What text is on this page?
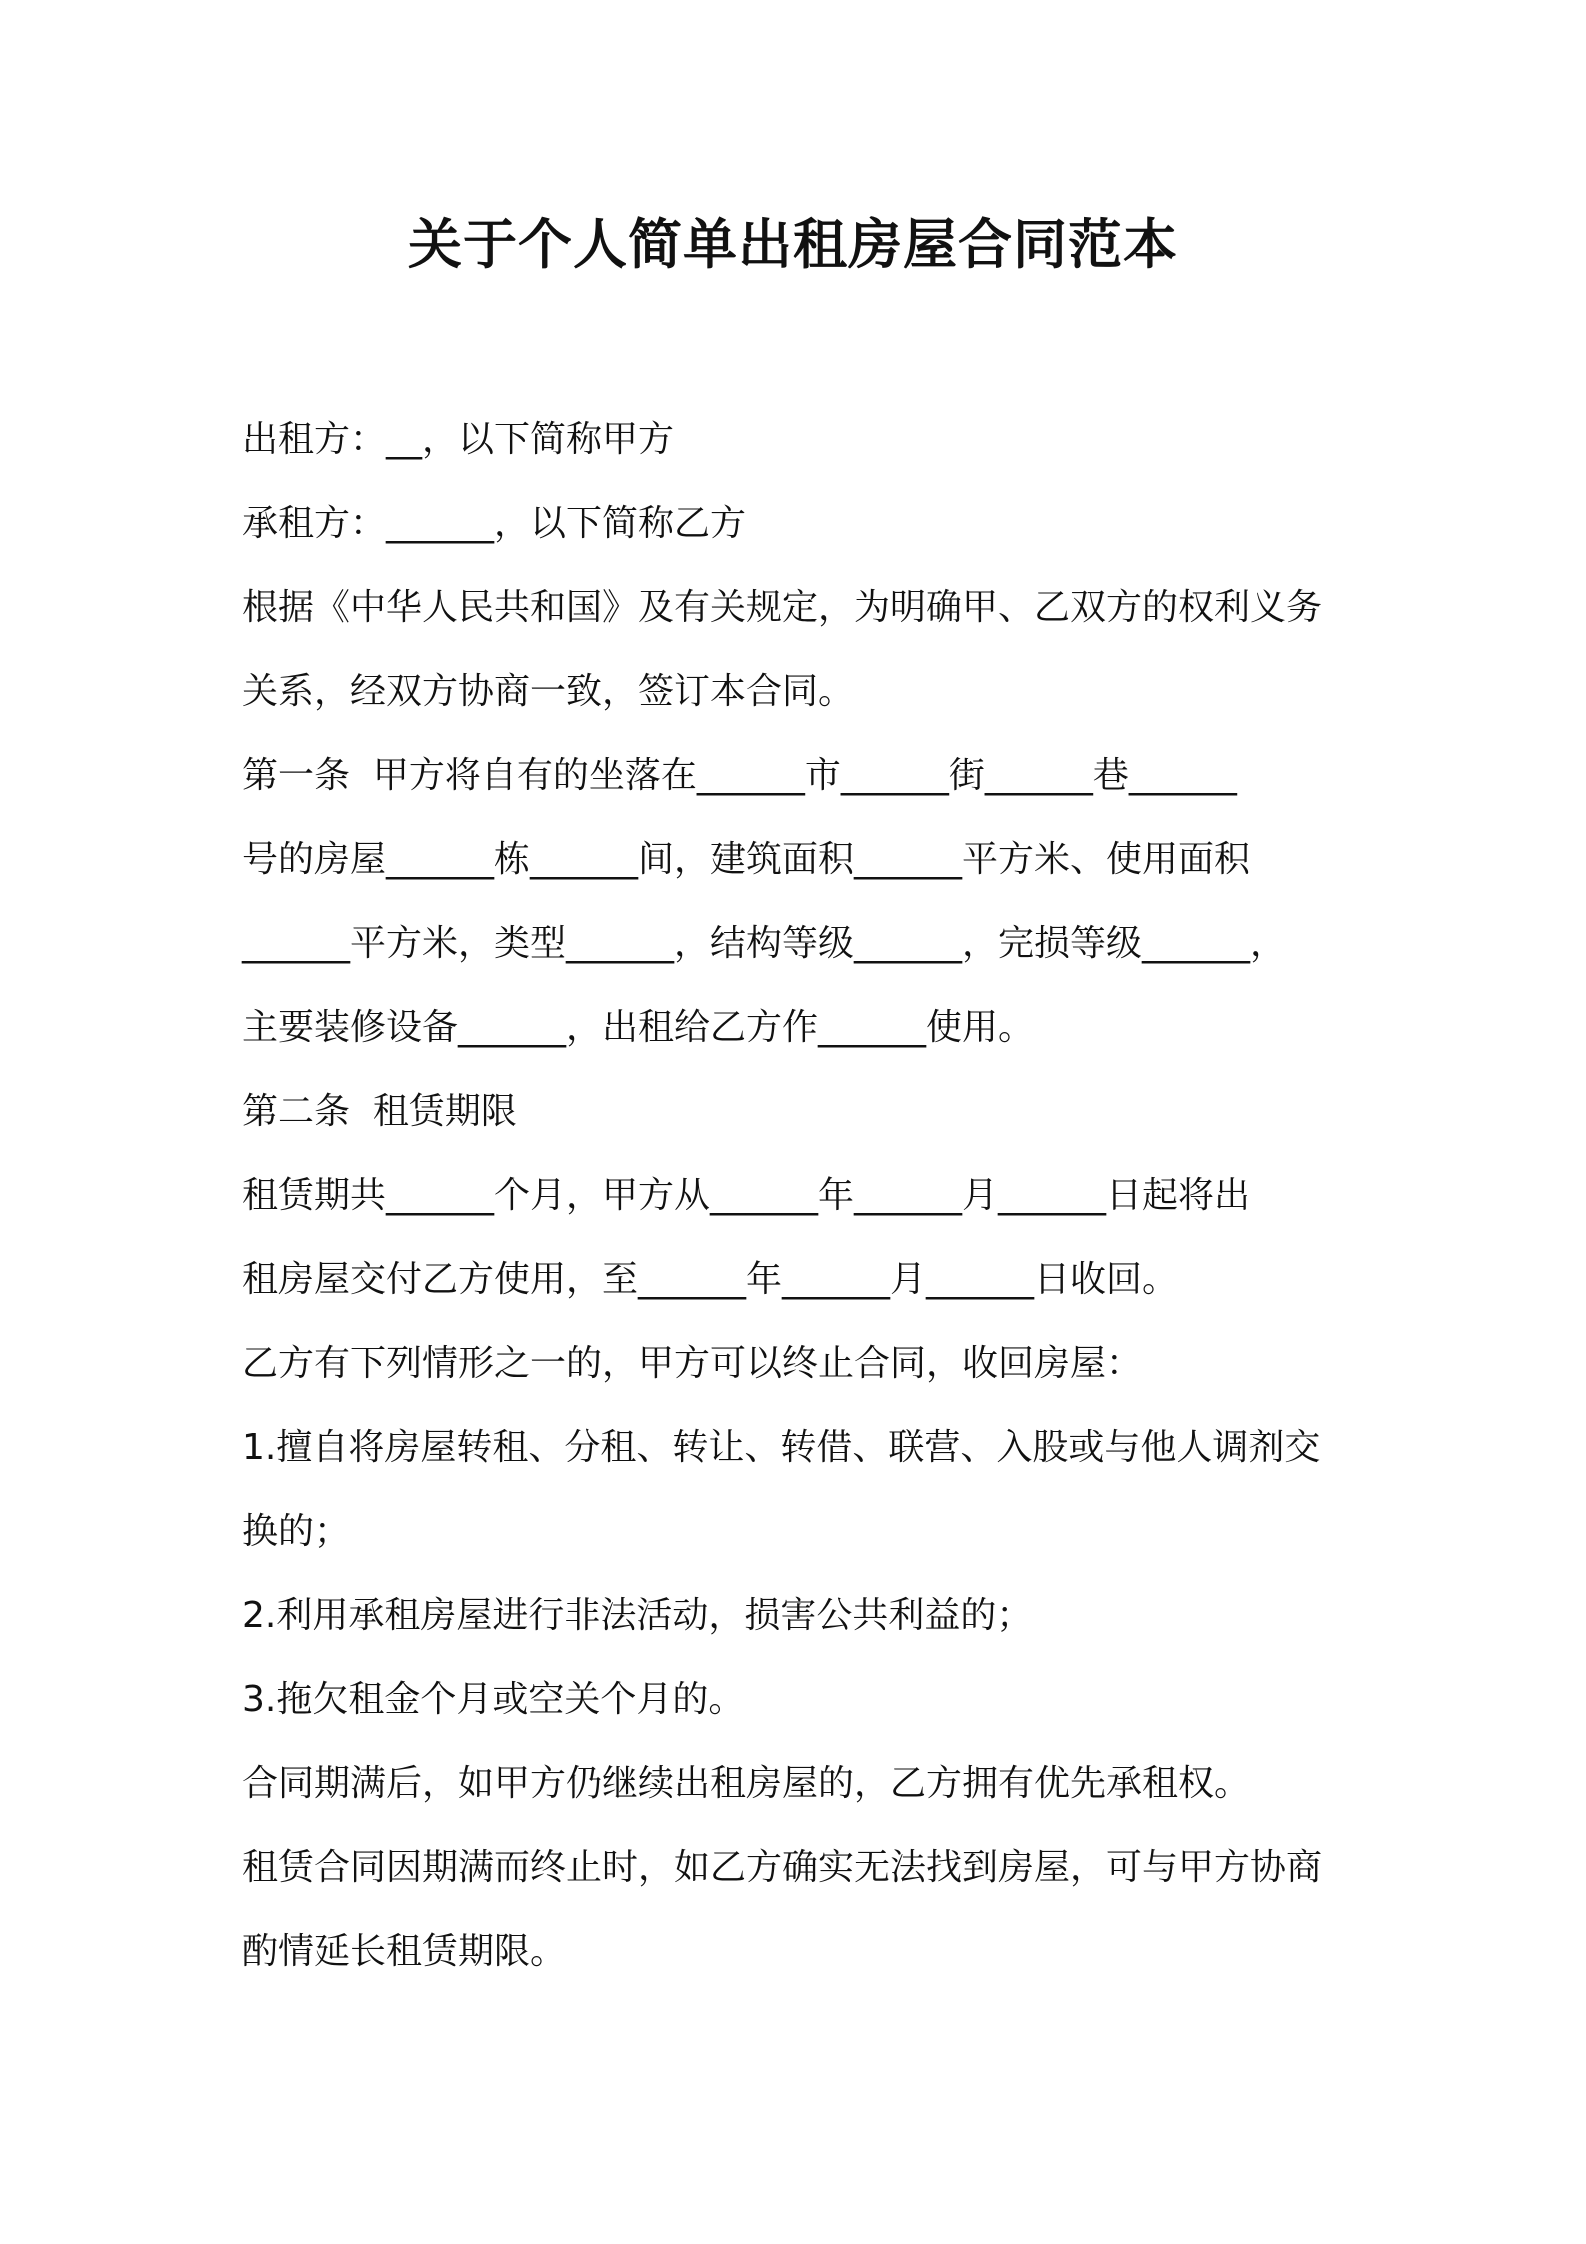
关于个人简单出租房屋合同范本

出租方：__，以下简称甲方

承租方：______，以下简称乙方

根据《中华人民共和国》及有关规定，为明确甲、乙双方的权利义务

关系，经双方协商一致，签订本合同。

第一条  甲方将自有的坐落在______市______街______巷______

号的房屋______栋______间，建筑面积______平方米、使用面积

______平方米，类型______，结构等级______，完损等级______，

主要装修设备______，出租给乙方作______使用。

第二条  租赁期限

租赁期共______个月，甲方从______年______月______日起将出

租房屋交付乙方使用，至______年______月______日收回。

乙方有下列情形之一的，甲方可以终止合同，收回房屋：

1.擅自将房屋转租、分租、转让、转借、联营、入股或与他人调剂交

换的；

2.利用承租房屋进行非法活动，损害公共利益的；

3.拖欠租金个月或空关个月的。

合同期满后，如甲方仍继续出租房屋的，乙方拥有优先承租权。

租赁合同因期满而终止时，如乙方确实无法找到房屋，可与甲方协商

酌情延长租赁期限。
